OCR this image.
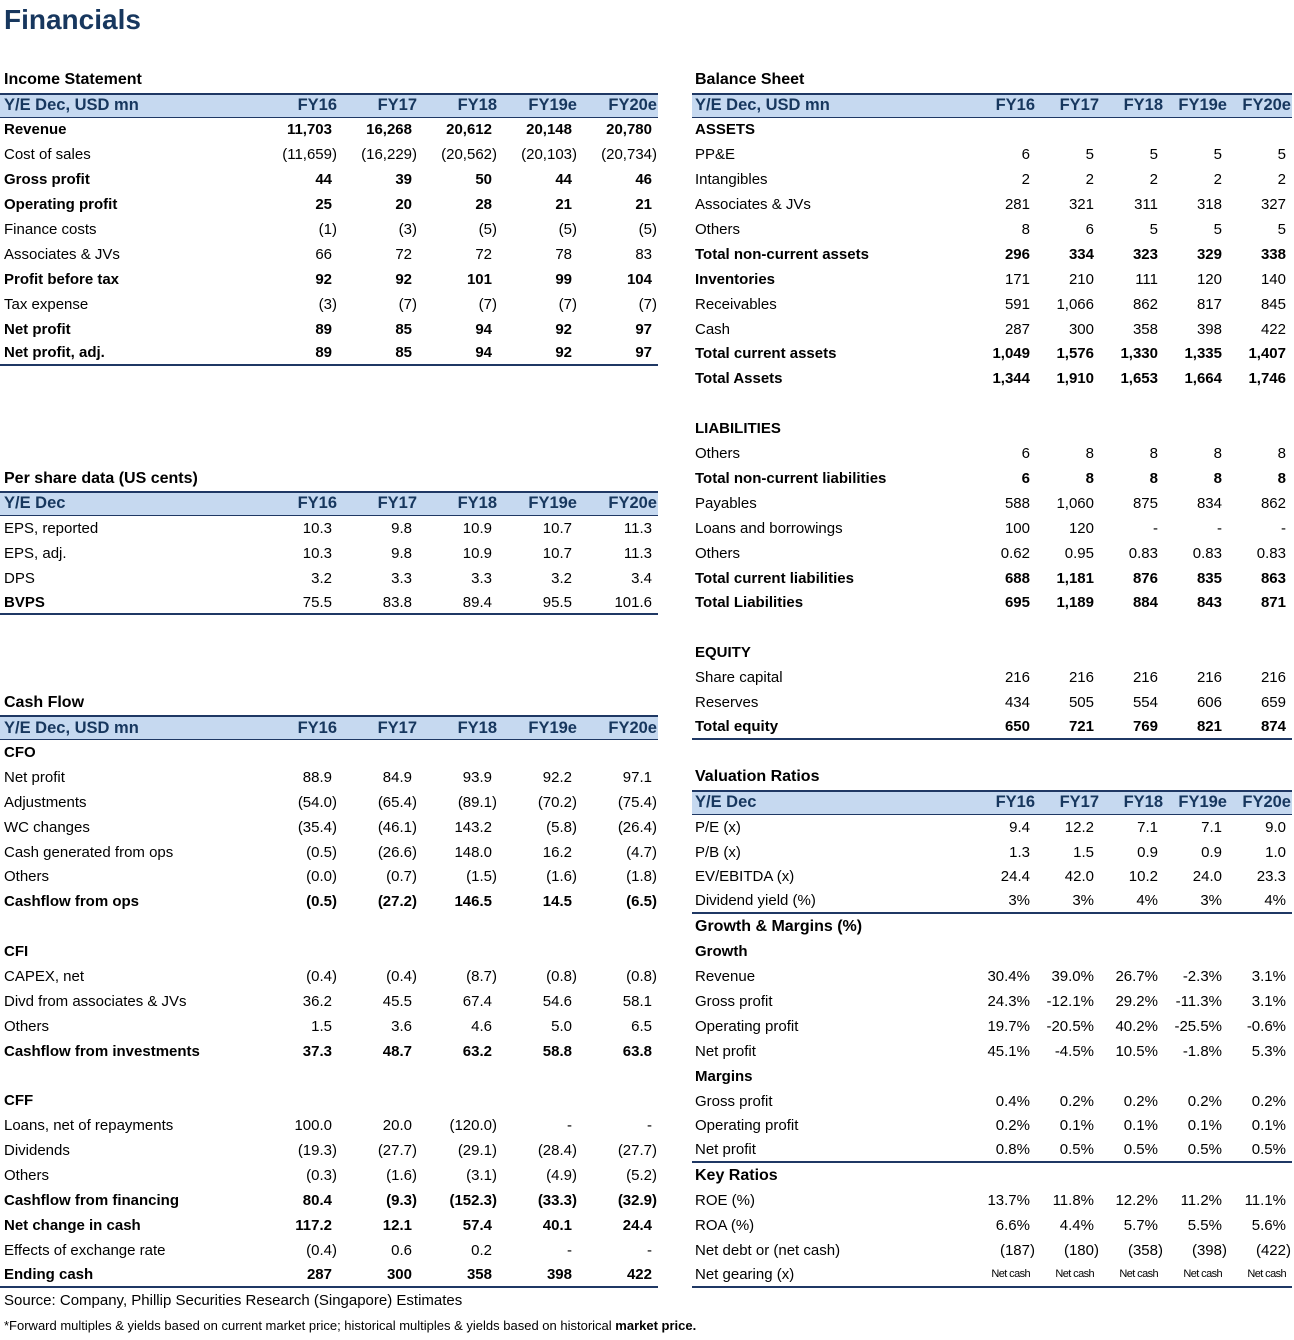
Financials
Income Statement
Y/E Dec, USD mn	FY16	FY17	FY18	FY19e	FY20e
Revenue	11,703	16,268	20,612	20,148	20,780
Cost of sales	(11,659)	(16,229)	(20,562)	(20,103)	(20,734)
Gross profit	44	39	50	44	46
Operating profit	25	20	28	21	21
Finance costs	(1)	(3)	(5)	(5)	(5)
Associates & JVs	66	72	72	78	83
Profit before tax	92	92	101	99	104
Tax expense	(3)	(7)	(7)	(7)	(7)
Net profit	89	85	94	92	97
Net profit, adj.	89	85	94	92	97
Per share data (US cents)
Y/E Dec	FY16	FY17	FY18	FY19e	FY20e
EPS, reported	10.3	9.8	10.9	10.7	11.3
EPS, adj.	10.3	9.8	10.9	10.7	11.3
DPS	3.2	3.3	3.3	3.2	3.4
BVPS	75.5	83.8	89.4	95.5	101.6
Cash Flow
Y/E Dec, USD mn	FY16	FY17	FY18	FY19e	FY20e
CFO
Net profit	88.9	84.9	93.9	92.2	97.1
Adjustments	(54.0)	(65.4)	(89.1)	(70.2)	(75.4)
WC changes	(35.4)	(46.1)	143.2	(5.8)	(26.4)
Cash generated from ops	(0.5)	(26.6)	148.0	16.2	(4.7)
Others	(0.0)	(0.7)	(1.5)	(1.6)	(1.8)
Cashflow from ops	(0.5)	(27.2)	146.5	14.5	(6.5)
CFI
CAPEX, net	(0.4)	(0.4)	(8.7)	(0.8)	(0.8)
Divd from associates & JVs	36.2	45.5	67.4	54.6	58.1
Others	1.5	3.6	4.6	5.0	6.5
Cashflow from investments	37.3	48.7	63.2	58.8	63.8
CFF
Loans, net of repayments	100.0	20.0	(120.0)	-	-
Dividends	(19.3)	(27.7)	(29.1)	(28.4)	(27.7)
Others	(0.3)	(1.6)	(3.1)	(4.9)	(5.2)
Cashflow from financing	80.4	(9.3)	(152.3)	(33.3)	(32.9)
Net change in cash	117.2	12.1	57.4	40.1	24.4
Effects of exchange rate	(0.4)	0.6	0.2	-	-
Ending cash	287	300	358	398	422
Balance Sheet
Y/E Dec, USD mn	FY16	FY17	FY18 FY19e FY20e
ASSETS
PP&E	6	5	5	5	5
Intangibles	2	2	2	2	2
Associates & JVs	281	321	311	318	327
Others	8	6	5	5	5
Total non-current assets	296	334	323	329	338
Inventories	171	210	111	120	140
Receivables	591	1,066	862	817	845
Cash	287	300	358	398	422
Total current assets	1,049	1,576	1,330	1,335	1,407
Total Assets	1,344	1,910	1,653	1,664	1,746
LIABILITIES
Others	6	8	8	8	8
Total non-current liabilities	6	8	8	8	8
Payables	588	1,060	875	834	862
Loans and borrowings	100	120	-	-	-
Others	0.62	0.95	0.83	0.83	0.83
Total current liabilities	688	1,181	876	835	863
Total Liabilities	695	1,189	884	843	871
EQUITY
Share capital	216	216	216	216	216
Reserves	434	505	554	606	659
Total equity	650	721	769	821	874
Valuation Ratios
Y/E Dec	FY16	FY17	FY18 FY19e FY20e
P/E (x)	9.4	12.2	7.1	7.1	9.0
P/B (x)	1.3	1.5	0.9	0.9	1.0
EV/EBITDA (x)	24.4	42.0	10.2	24.0	23.3
Dividend yield (%)	3%	3%	4%	3%	4%
Growth & Margins (%)
Growth
Revenue	30.4%	39.0%	26.7%	-2.3%	3.1%
Gross profit	24.3%	-12.1%	29.2%	-11.3%	3.1%
Operating profit	19.7%	-20.5%	40.2%	-25.5%	-0.6%
Net profit	45.1%	-4.5%	10.5%	-1.8%	5.3%
Margins
Gross profit	0.4%	0.2%	0.2%	0.2%	0.2%
Operating profit	0.2%	0.1%	0.1%	0.1%	0.1%
Net profit	0.8%	0.5%	0.5%	0.5%	0.5%
Key Ratios
ROE (%)	13.7%	11.8%	12.2%	11.2%	11.1%
ROA (%)	6.6%	4.4%	5.7%	5.5%	5.6%
Net debt or (net cash)	(187)	(180)	(358)	(398)	(422)
Net gearing (x)	Net cash	Net cash	Net cash	Net cash	Net cash
Source: Company, Phillip Securities Research (Singapore) Estimates
*Forward multiples & yields based on current market price; historical multiples & yields based on historical market price.
